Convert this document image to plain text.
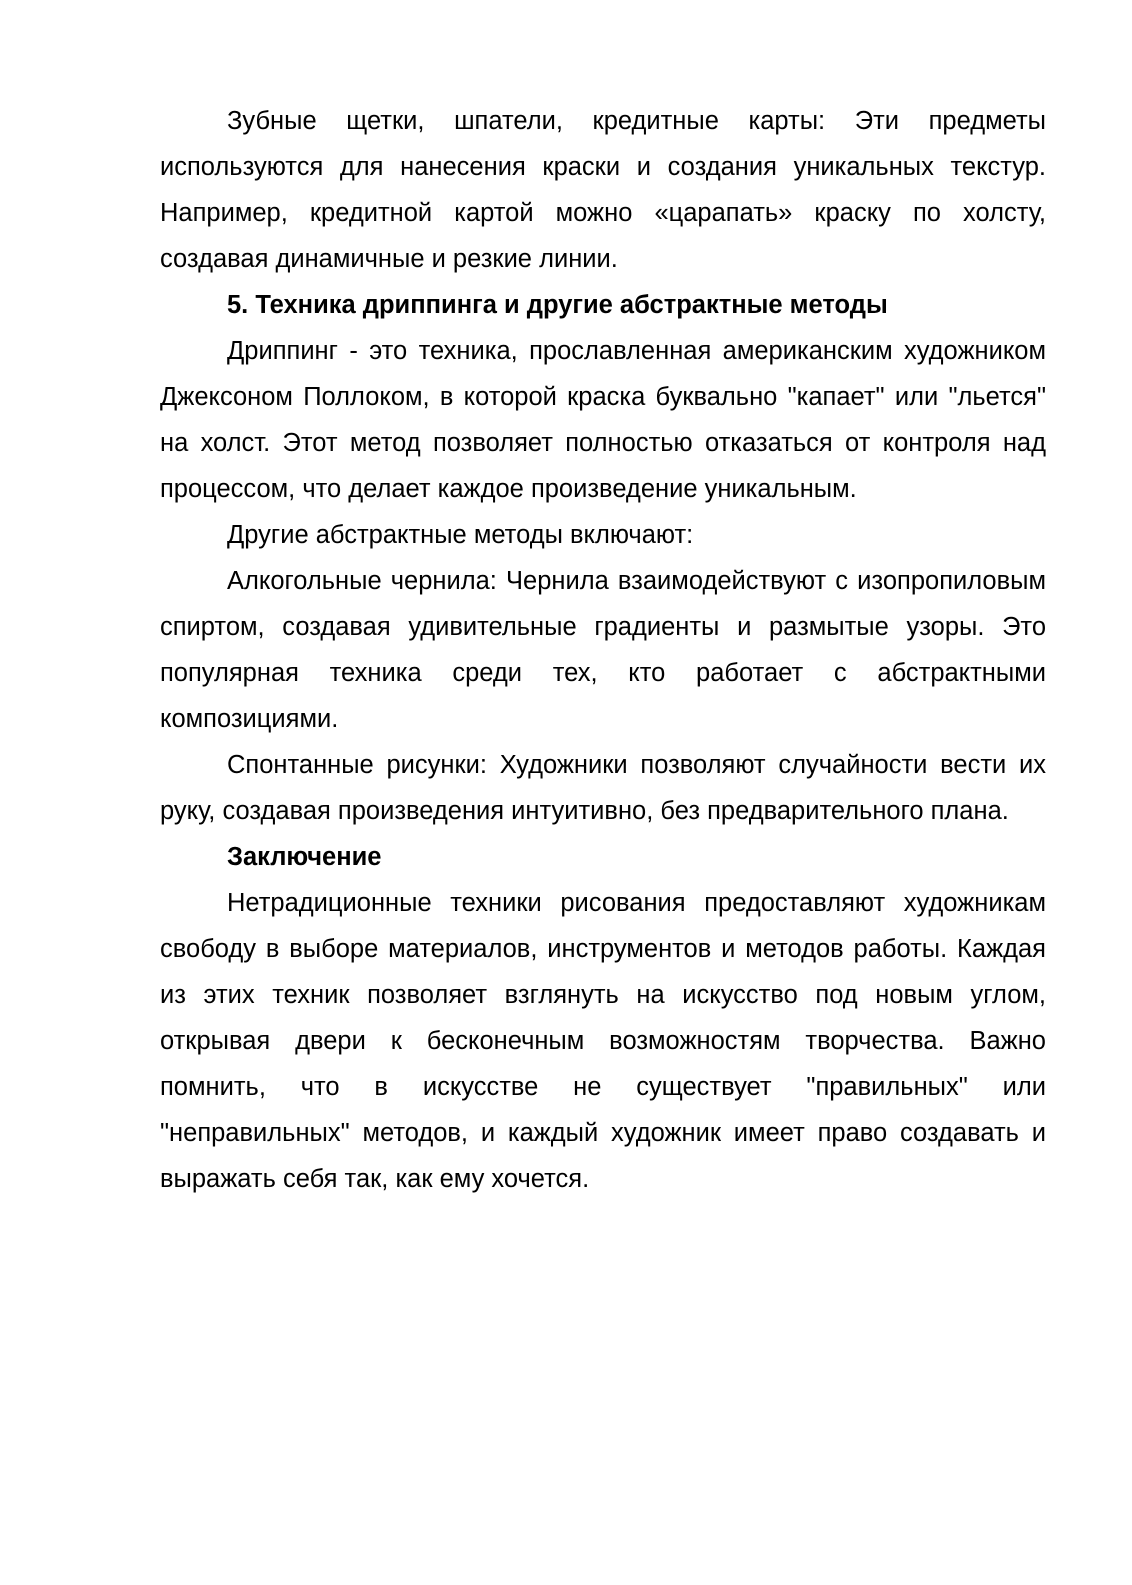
Зубные щетки, шпатели, кредитные карты: Эти предметы используются для нанесения краски и создания уникальных текстур. Например, кредитной картой можно «царапать» краску по холсту, создавая динамичные и резкие линии.

5. Техника дриппинга и другие абстрактные методы

Дриппинг - это техника, прославленная американским художником Джексоном Поллоком, в которой краска буквально "капает" или "льется" на холст. Этот метод позволяет полностью отказаться от контроля над процессом, что делает каждое произведение уникальным.

Другие абстрактные методы включают:

Алкогольные чернила: Чернила взаимодействуют с изопропиловым спиртом, создавая удивительные градиенты и размытые узоры. Это популярная техника среди тех, кто работает с абстрактными композициями.

Спонтанные рисунки: Художники позволяют случайности вести их руку, создавая произведения интуитивно, без предварительного плана.

Заключение

Нетрадиционные техники рисования предоставляют художникам свободу в выборе материалов, инструментов и методов работы. Каждая из этих техник позволяет взглянуть на искусство под новым углом, открывая двери к бесконечным возможностям творчества. Важно помнить, что в искусстве не существует "правильных" или "неправильных" методов, и каждый художник имеет право создавать и выражать себя так, как ему хочется.
